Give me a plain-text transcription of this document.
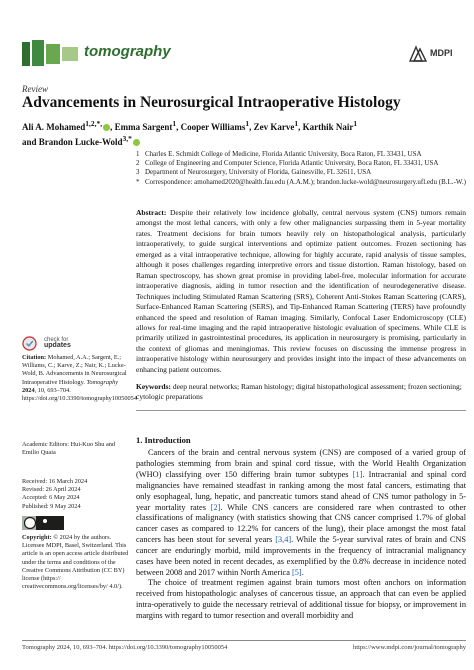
tomography	MDPI
Review
Advancements in Neurosurgical Intraoperative Histology
Ali A. Mohamed$^{1,2,*,}$ , Emma Sargent$^1$, Cooper Williams$^1$, Zev Karve$^1$, Karthik Nair$^1$
and Brandon Lucke-Wold$^{3,*}$
1 Charles E. Schmidt College of Medicine, Florida Atlantic University, Boca Raton, FL 33431, USA
2 College of Engineering and Computer Science, Florida Atlantic University, Boca Raton, FL 33431, USA
3 Department of Neurosurgery, University of Florida, Gainesville, FL 32611, USA
* Correspondence: amohamed2020@health.fau.edu (A.A.M.); brandon.lucke-wold@neurosurgery.ufl.edu (B.L.-W.)
Abstract: Despite their relatively low incidence globally, central nervous system (CNS) tumors remain amongst the most lethal cancers, with only a few other malignancies surpassing them in 5-year mortality rates. Treatment decisions for brain tumors heavily rely on histopathological analysis, particularly intraoperatively, to guide surgical interventions and optimize patient outcomes. Frozen sectioning has emerged as a vital intraoperative technique, allowing for highly accurate, rapid analysis of tissue samples, although it poses challenges regarding interpretive errors and tissue distortion. Raman histology, based on Raman spectroscopy, has shown great promise in providing label-free, molecular information for accurate intraoperative diagnosis, aiding in tumor resection and the identification of neurodegenerative disease. Techniques including Stimulated Raman Scattering (SRS), Coherent Anti-Stokes Raman Scattering (CARS), Surface-Enhanced Raman Scattering (SERS), and Tip-Enhanced Raman Scattering (TERS) have profoundly enhanced the speed and resolution of Raman imaging. Similarly, Confocal Laser Endomicroscopy (CLE) allows for real-time imaging and the rapid intraoperative histologic evaluation of specimens. While CLE is primarily utilized in gastrointestinal procedures, its application in neurosurgery is promising, particularly in the context of gliomas and meningiomas. This review focuses on discussing the immense progress in intraoperative histology within neurosurgery and provides insight into the impact of these advancements on enhancing patient outcomes.
Keywords: deep neural networks; Raman histology; digital histopathological assessment; frozen sectioning; cytologic preparations
check for
updates
Citation: Mohamed, A.A.; Sargent, E.; Williams, C.; Karve, Z.; Nair, K.; Lucke-Wold, B. Advancements in Neurosurgical Intraoperative Histology. Tomography 2024, 10, 693–704. https://doi.org/10.3390/tomography10050054
Academic Editors: Hui-Kuo Shu and Emilio Quaia
Received: 16 March 2024
Revised: 26 April 2024
Accepted: 6 May 2024
Published: 9 May 2024
Copyright: © 2024 by the authors. Licensee MDPI, Basel, Switzerland. This article is an open access article distributed under the terms and conditions of the Creative Commons Attribution (CC BY) license (https:// creativecommons.org/licenses/by/ 4.0/).
1. Introduction
Cancers of the brain and central nervous system (CNS) are composed of a varied group of pathologies stemming from brain and spinal cord tissue, with the World Health Organization (WHO) classifying over 150 differing brain tumor subtypes [1]. Intracranial and spinal cord malignancies have remained steadfast in ranking among the most fatal cancers, estimating that only esophageal, lung, hepatic, and pancreatic tumors stand ahead of CNS tumor pathology in 5-year mortality rates [2]. While CNS cancers are considered rare when contrasted to other classifications of malignancy (with statistics showing that CNS cancer comprised 1.7% of global cancer cases as compared to 12.2% for cancers of the lung), their place amongst the most fatal cancers has been stout for several years [3,4]. While the 5-year survival rates of brain and CNS cancer are enduringly morbid, mild improvements in the frequency of intracranial malignancy cases have been noted in recent decades, as exemplified by the 0.8% decrease in incidence noted between 2008 and 2017 within North America [5].
The choice of treatment regimen against brain tumors most often anchors on information received from histopathologic analyses of cancerous tissue, an approach that can even be applied intra-operatively to guide the necessary retrieval of additional tissue for biopsy, or improvement in margins with regard to tumor resection and overall morbidity and
Tomography 2024, 10, 693–704. https://doi.org/10.3390/tomography10050054	https://www.mdpi.com/journal/tomography
